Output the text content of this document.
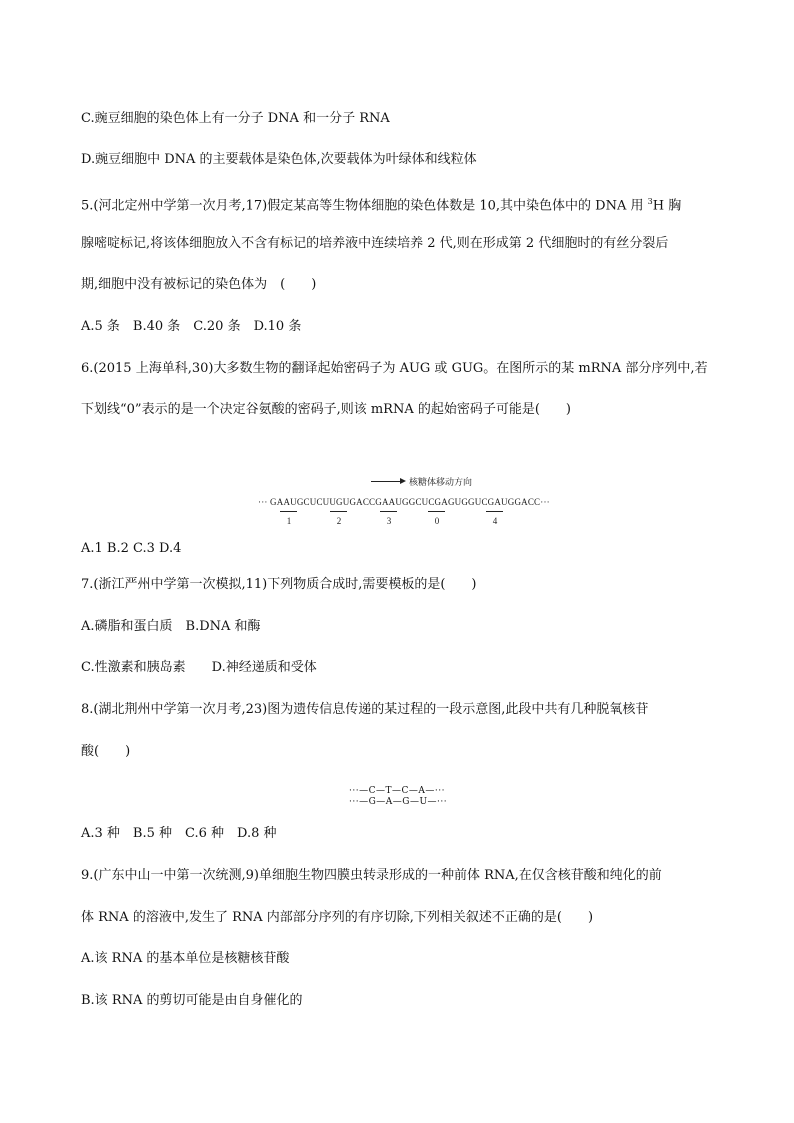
C.豌豆细胞的染色体上有一分子 DNA 和一分子 RNA
D.豌豆细胞中 DNA 的主要载体是染色体,次要载体为叶绿体和线粒体
5.(河北定州中学第一次月考,17)假定某高等生物体细胞的染色体数是 10,其中染色体中的 DNA 用 $^3$H 胸
腺嘧啶标记,将该体细胞放入不含有标记的培养液中连续培养 2 代,则在形成第 2 代细胞时的有丝分裂后
期,细胞中没有被标记的染色体为　(　　)
A.5 条　B.40 条　C.20 条　D.10 条
6.(2015 上海单科,30)大多数生物的翻译起始密码子为 AUG 或 GUG。在图所示的某 mRNA 部分序列中,若
下划线“0”表示的是一个决定谷氨酸的密码子,则该 mRNA 的起始密码子可能是(　　)
核糖体移动方向
··· GAAUGCUCUUGUGACCGAAUGGCUCGAGUGGUCGAUGGACC···
1	2	3	0	4
A.1 B.2 C.3 D.4
7.(浙江严州中学第一次模拟,11)下列物质合成时,需要模板的是(　　)
A.磷脂和蛋白质　B.DNA 和酶
C.性激素和胰岛素　　D.神经递质和受体
8.(湖北荆州中学第一次月考,23)图为遗传信息传递的某过程的一段示意图,此段中共有几种脱氧核苷
酸(　　)
···—C—T—C—A—···
···—G—A—G—U—···
A.3 种　B.5 种　C.6 种　D.8 种
9.(广东中山一中第一次统测,9)单细胞生物四膜虫转录形成的一种前体 RNA,在仅含核苷酸和纯化的前
体 RNA 的溶液中,发生了 RNA 内部部分序列的有序切除,下列相关叙述不正确的是(　　)
A.该 RNA 的基本单位是核糖核苷酸
B.该 RNA 的剪切可能是由自身催化的
